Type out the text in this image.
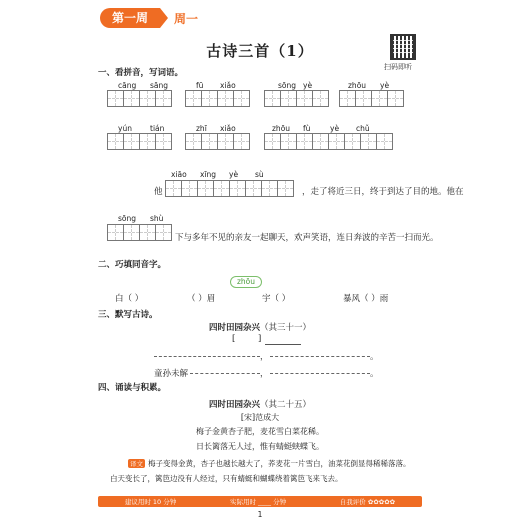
第一周	周一
古诗三首（1）
扫码即听
一、看拼音，写词语。
cāng sāng	fū xiǎo	sōng yè	zhōu yè
yún tián	zhī xiǎo	zhōu fù	yè chǔ
他
xiāo xīng yè sù
，走了将近三日，终于到达了目的地。他在
sōng shù
下与多年不见的亲友一起聊天，欢声笑语，连日奔波的辛苦一扫而光。
二、巧填同音字。
zhōu
白（ ）	（ ）眉	宇（ ）	暴风（ ）雨
三、默写古诗。
四时田园杂兴（其三十一）
[	]
，	。
童孙未解	，	。
四、诵读与积累。
四时田园杂兴（其二十五）
[宋]范成大
梅子金黄杏子肥，麦花雪白菜花稀。
日长篱落无人过，惟有蜻蜓蛱蝶飞。
译文 梅子变得金黄，杏子也越长越大了，荞麦花一片雪白，油菜花倒显得稀稀落落。
白天变长了，篱笆边没有人经过，只有蜻蜓和蝴蝶绕着篱笆飞来飞去。
建议用时 10 分钟	实际用时 ____ 分钟	自我评价 ✿✿✿✿✿
1
